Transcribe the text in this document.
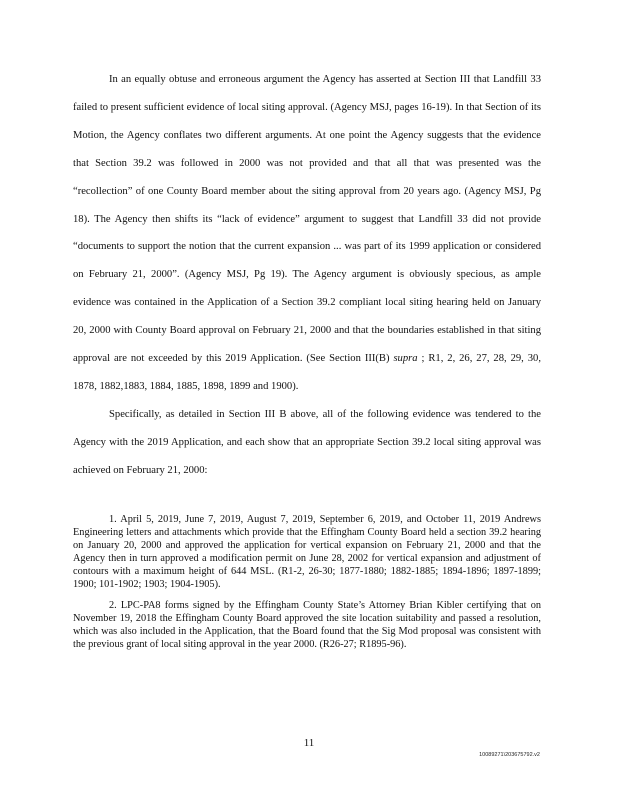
In an equally obtuse and erroneous argument the Agency has asserted at Section III that Landfill 33 failed to present sufficient evidence of local siting approval. (Agency MSJ, pages 16-19). In that Section of its Motion, the Agency conflates two different arguments. At one point the Agency suggests that the evidence that Section 39.2 was followed in 2000 was not provided and that all that was presented was the “recollection” of one County Board member about the siting approval from 20 years ago. (Agency MSJ, Pg 18). The Agency then shifts its “lack of evidence” argument to suggest that Landfill 33 did not provide “documents to support the notion that the current expansion ... was part of its 1999 application or considered on February 21, 2000”. (Agency MSJ, Pg 19). The Agency argument is obviously specious, as ample evidence was contained in the Application of a Section 39.2 compliant local siting hearing held on January 20, 2000 with County Board approval on February 21, 2000 and that the boundaries established in that siting approval are not exceeded by this 2019 Application. (See Section III(B) supra ; R1, 2, 26, 27, 28, 29, 30, 1878, 1882,1883, 1884, 1885, 1898, 1899 and 1900).

Specifically, as detailed in Section III B above, all of the following evidence was tendered to the Agency with the 2019 Application, and each show that an appropriate Section 39.2 local siting approval was achieved on February 21, 2000:

1. April 5, 2019, June 7, 2019, August 7, 2019, September 6, 2019, and October 11, 2019 Andrews Engineering letters and attachments which provide that the Effingham County Board held a section 39.2 hearing on January 20, 2000 and approved the application for vertical expansion on February 21, 2000 and that the Agency then in turn approved a modification permit on June 28, 2002 for vertical expansion and adjustment of contours with a maximum height of 644 MSL. (R1-2, 26-30; 1877-1880; 1882-1885; 1894-1896; 1897-1899; 1900; 101-1902; 1903; 1904-1905).

2. LPC-PA8 forms signed by the Effingham County State’s Attorney Brian Kibler certifying that on November 19, 2018 the Effingham County Board approved the site location suitability and passed a resolution, which was also included in the Application, that the Board found that the Sig Mod proposal was consistent with the previous grant of local siting approval in the year 2000. (R26-27; R1895-96).

11
10089271\203675792.v2
